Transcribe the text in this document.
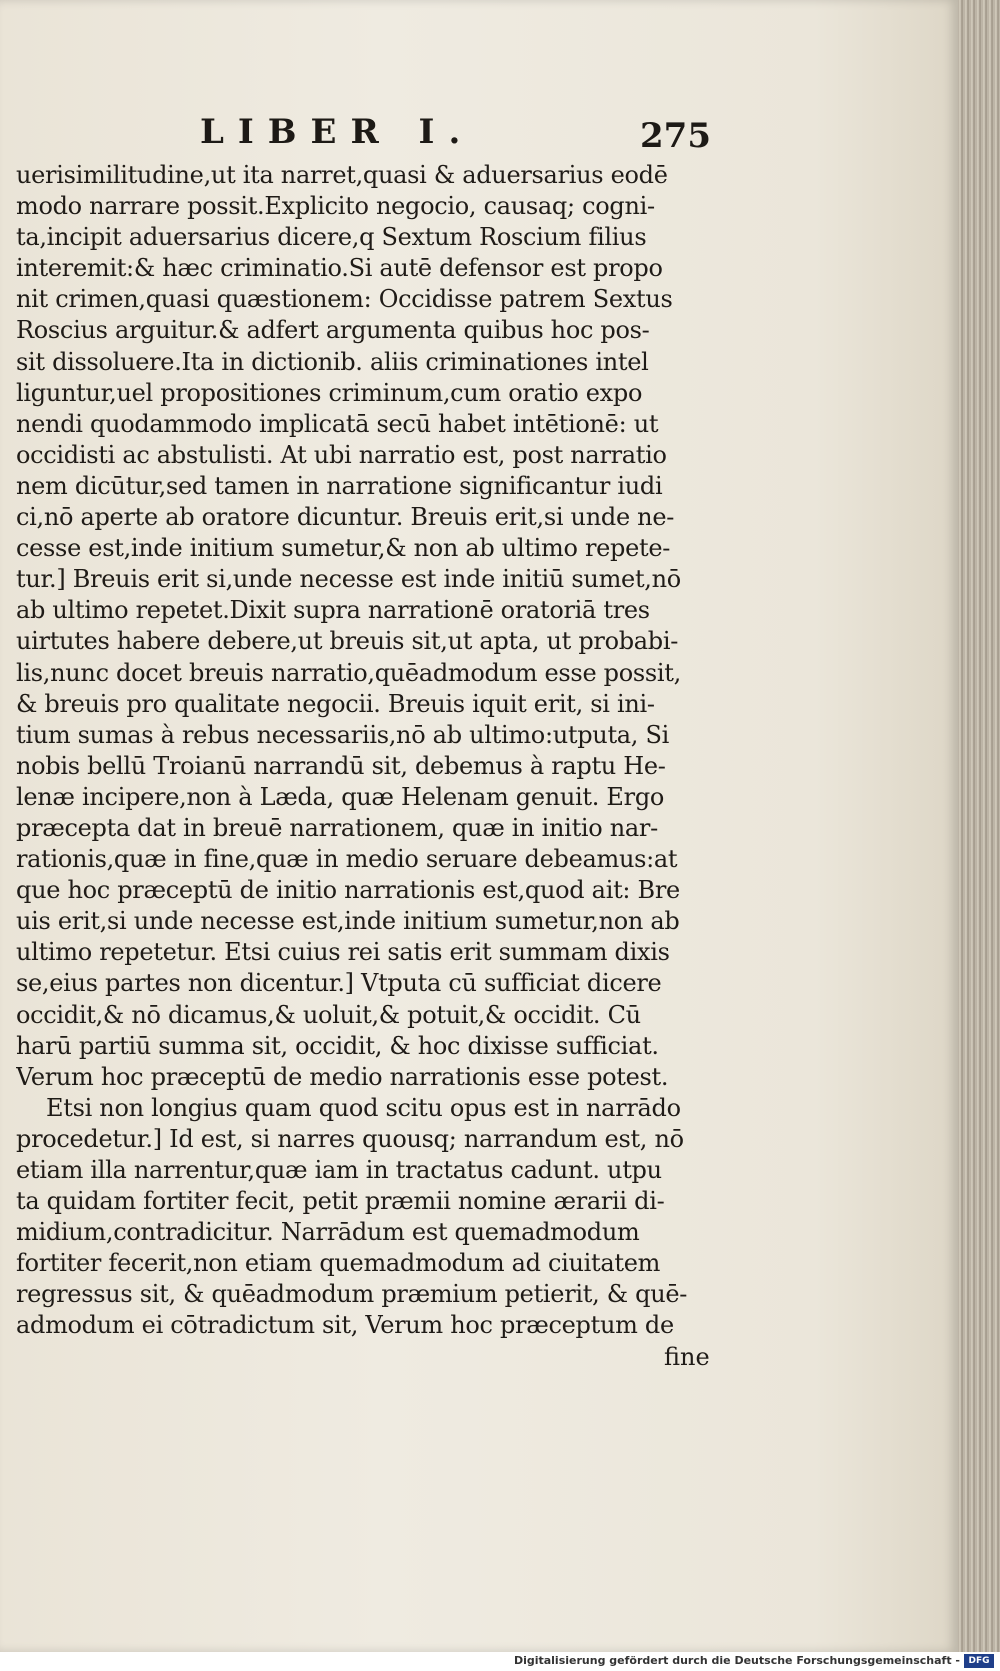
LIBER I.	275
uerisimilitudine,ut ita narret,quasi & aduersarius eodē
modo narrare possit.Explicito negocio, causaq; cogni-
ta,incipit aduersarius dicere,q Sextum Roscium filius
interemit:& hæc criminatio.Si autē defensor est propo
nit crimen,quasi quæstionem: Occidisse patrem Sextus
Roscius arguitur.& adfert argumenta quibus hoc pos-
sit dissoluere.Ita in dictionib. aliis criminationes intel
liguntur,uel propositiones criminum,cum oratio expo
nendi quodammodo implicatā secū habet intētionē: ut
occidisti ac abstulisti. At ubi narratio est, post narratio
nem dicūtur,sed tamen in narratione significantur iudi
ci,nō aperte ab oratore dicuntur. Breuis erit,si unde ne-
cesse est,inde initium sumetur,& non ab ultimo repete-
tur.] Breuis erit si,unde necesse est inde initiū sumet,nō
ab ultimo repetet.Dixit supra narrationē oratoriā tres
uirtutes habere debere,ut breuis sit,ut apta, ut probabi-
lis,nunc docet breuis narratio,quēadmodum esse possit,
& breuis pro qualitate negocii. Breuis iquit erit, si ini-
tium sumas à rebus necessariis,nō ab ultimo:utputa, Si
nobis bellū Troianū narrandū sit, debemus à raptu He-
lenæ incipere,non à Læda, quæ Helenam genuit. Ergo
præcepta dat in breuē narrationem, quæ in initio nar-
rationis,quæ in fine,quæ in medio seruare debeamus:at
que hoc præceptū de initio narrationis est,quod ait: Bre
uis erit,si unde necesse est,inde initium sumetur,non ab
ultimo repetetur. Etsi cuius rei satis erit summam dixis
se,eius partes non dicentur.] Vtputa cū sufficiat dicere
occidit,& nō dicamus,& uoluit,& potuit,& occidit. Cū
harū partiū summa sit, occidit, & hoc dixisse sufficiat.
Verum hoc præceptū de medio narrationis esse potest.
Etsi non longius quam quod scitu opus est in narrādo
procedetur.] Id est, si narres quousq; narrandum est, nō
etiam illa narrentur,quæ iam in tractatus cadunt. utpu
ta quidam fortiter fecit, petit præmii nomine ærarii di-
midium,contradicitur. Narrādum est quemadmodum
fortiter fecerit,non etiam quemadmodum ad ciuitatem
regressus sit, & quēadmodum præmium petierit, & quē-
admodum ei cōtradictum sit, Verum hoc præceptum de
fine
Digitalisierung gefördert durch die Deutsche Forschungsgemeinschaft - DFG
